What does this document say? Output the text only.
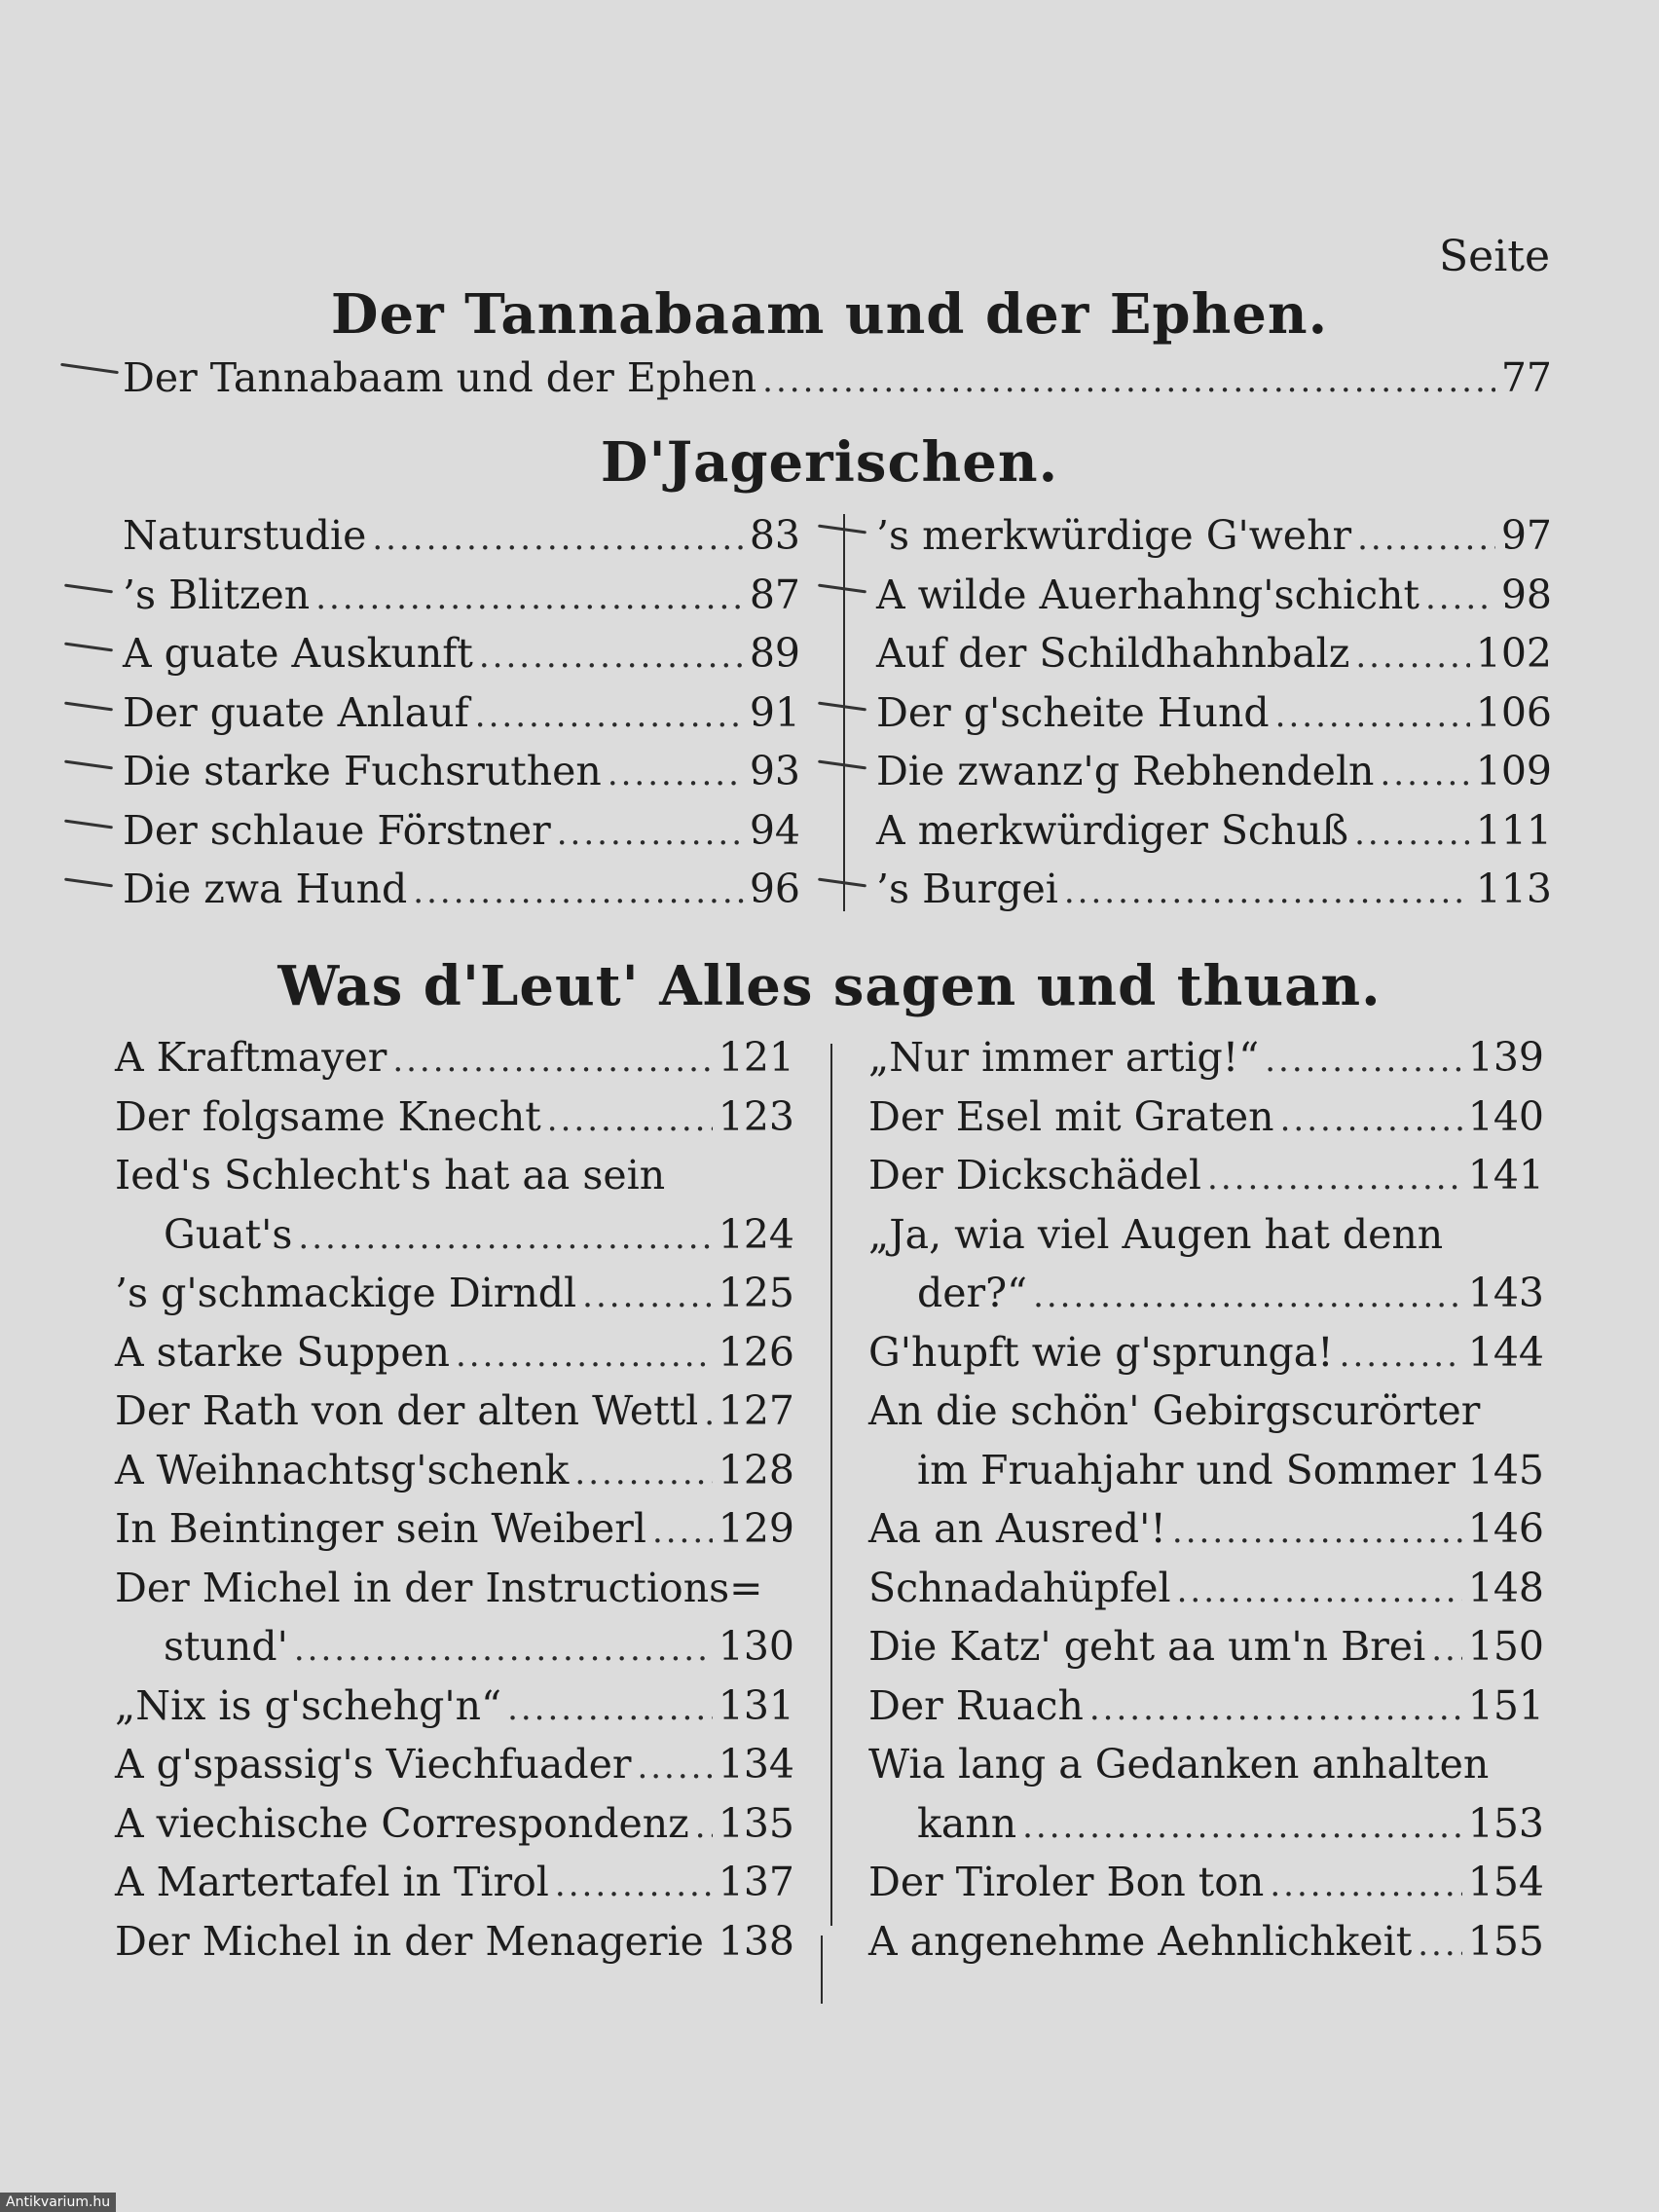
Seite
Der Tannabaam und der Ephen.
Der Tannabaam und der Ephen .....	77
D'Jagerischen.
Naturstudie .....	83
’s Blitzen .....	87
A guate Auskunft .....	89
Der guate Anlauf .....	91
Die starke Fuchsruthen .....	93
Der schlaue Förstner .....	94
Die zwa Hund .....	96
’s merkwürdige G'wehr .....	97
A wilde Auerhahng'schicht ..... 98
Auf der Schildhahnbalz .....	102
Der g'scheite Hund .....	106
Die zwanz'g Rebhendeln .....	109
A merkwürdiger Schuß .....	111
’s Burgei .....	113
Was d'Leut' Alles sagen und thuan.
A Kraftmayer .....	121
Der folgsame Knecht .....	123
Ied's Schlecht's hat aa sein
Guat's .....	124
’s g'schmackige Dirndl .....	125
A starke Suppen .....	126
Der Rath von der alten Wettl ..... 127
A Weihnachtsg'schenk .....	128
In Beintinger sein Weiberl ..... 129
Der Michel in der Instructions=
stund' .....	130
„Nix is g'schehg'n“ .....	131
A g'spassig's Viechfuader ..... 134
A viechische Correspondenz ..... 135
A Martertafel in Tirol .....	137
Der Michel in der Menagerie ..... 138
„Nur immer artig!“ .....	139
Der Esel mit Graten .....	140
Der Dickschädel .....	141
„Ja, wia viel Augen hat denn
der?“ .....	143
G'hupft wie g'sprunga! .....	144
An die schön' Gebirgscurörter
im Fruahjahr und Sommer ..... 145
Aa an Ausred'! .....	146
Schnadahüpfel .....	148
Die Katz' geht aa um'n Brei ..... 150
Der Ruach .....	151
Wia lang a Gedanken anhalten
kann .....	153
Der Tiroler Bon ton .....	154
A angenehme Aehnlichkeit ..... 155
Antikvarium.hu
